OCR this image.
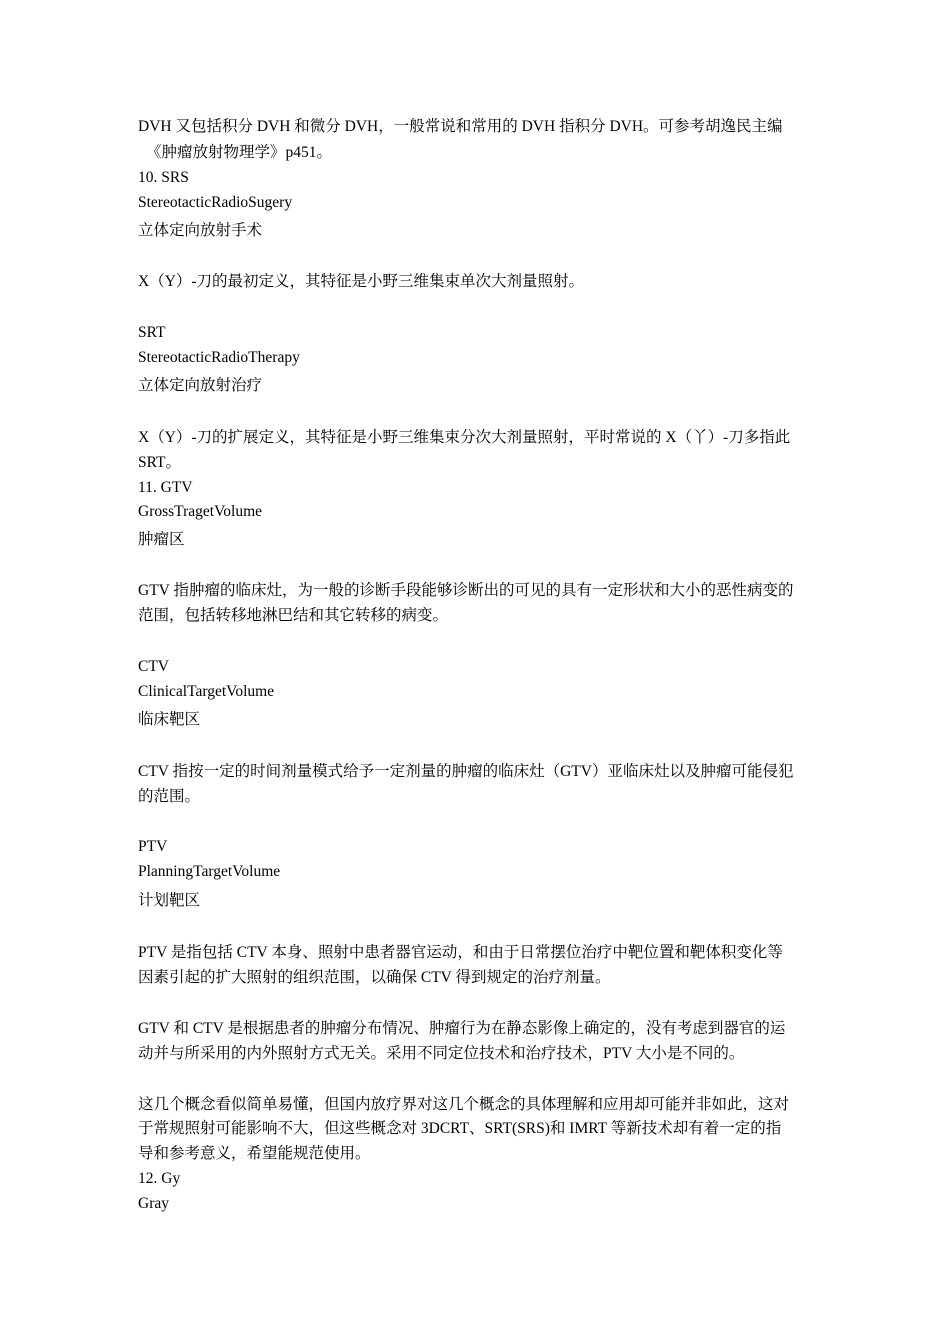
DVH 又包括积分 DVH 和微分 DVH，一般常说和常用的 DVH 指积分 DVH。可参考胡逸民主编

《肿瘤放射物理学》p451。

10. SRS

StereotacticRadioSugery

立体定向放射手术

X（Y）-刀的最初定义，其特征是小野三维集束单次大剂量照射。

SRT

StereotacticRadioTherapy

立体定向放射治疗

X（Y）-刀的扩展定义，其特征是小野三维集束分次大剂量照射，平时常说的 X（丫）-刀多指此

SRT。

11. GTV

GrossTragetVolume

肿瘤区

GTV 指肿瘤的临床灶，为一般的诊断手段能够诊断出的可见的具有一定形状和大小的恶性病变的

范围，包括转移地淋巴结和其它转移的病变。

CTV

ClinicalTargetVolume

临床靶区

CTV 指按一定的时间剂量模式给予一定剂量的肿瘤的临床灶（GTV）亚临床灶以及肿瘤可能侵犯

的范围。

PTV

PlanningTargetVolume

计划靶区

PTV 是指包括 CTV 本身、照射中患者器官运动，和由于日常摆位治疗中靶位置和靶体积变化等

因素引起的扩大照射的组织范围，以确保 CTV 得到规定的治疗剂量。

GTV 和 CTV 是根据患者的肿瘤分布情况、肿瘤行为在静态影像上确定的，没有考虑到器官的运

动并与所采用的内外照射方式无关。采用不同定位技术和治疗技术，PTV 大小是不同的。

这几个概念看似简单易懂，但国内放疗界对这几个概念的具体理解和应用却可能并非如此，这对

于常规照射可能影响不大，但这些概念对 3DCRT、SRT(SRS)和 IMRT 等新技术却有着一定的指

导和参考意义，希望能规范使用。

12. Gy

Gray
